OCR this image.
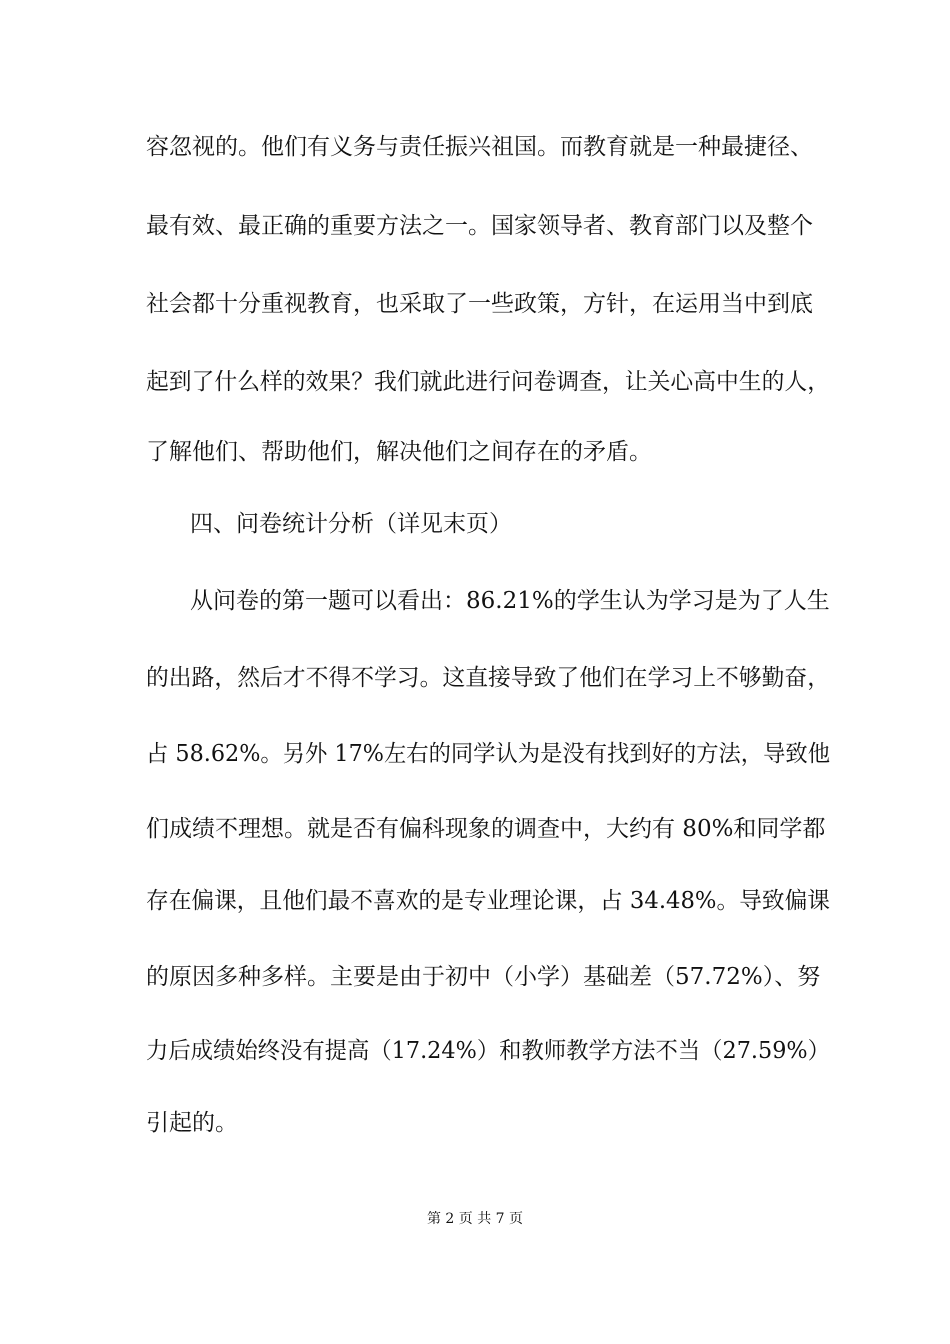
容忽视的。他们有义务与责任振兴祖国。而教育就是一种最捷径、
最有效、最正确的重要方法之一。国家领导者、教育部门以及整个
社会都十分重视教育，也采取了一些政策，方针，在运用当中到底
起到了什么样的效果？我们就此进行问卷调查，让关心高中生的人，
了解他们、帮助他们，解决他们之间存在的矛盾。
四、问卷统计分析（详见末页）
从问卷的第一题可以看出：86.21%的学生认为学习是为了人生
的出路，然后才不得不学习。这直接导致了他们在学习上不够勤奋，
占 58.62%。另外 17%左右的同学认为是没有找到好的方法，导致他
们成绩不理想。就是否有偏科现象的调查中，大约有 80%和同学都
存在偏课，且他们最不喜欢的是专业理论课，占 34.48%。导致偏课
的原因多种多样。主要是由于初中（小学）基础差（57.72%）、努
力后成绩始终没有提高（17.24%）和教师教学方法不当（27.59%）
引起的。
第 2 页 共 7 页
